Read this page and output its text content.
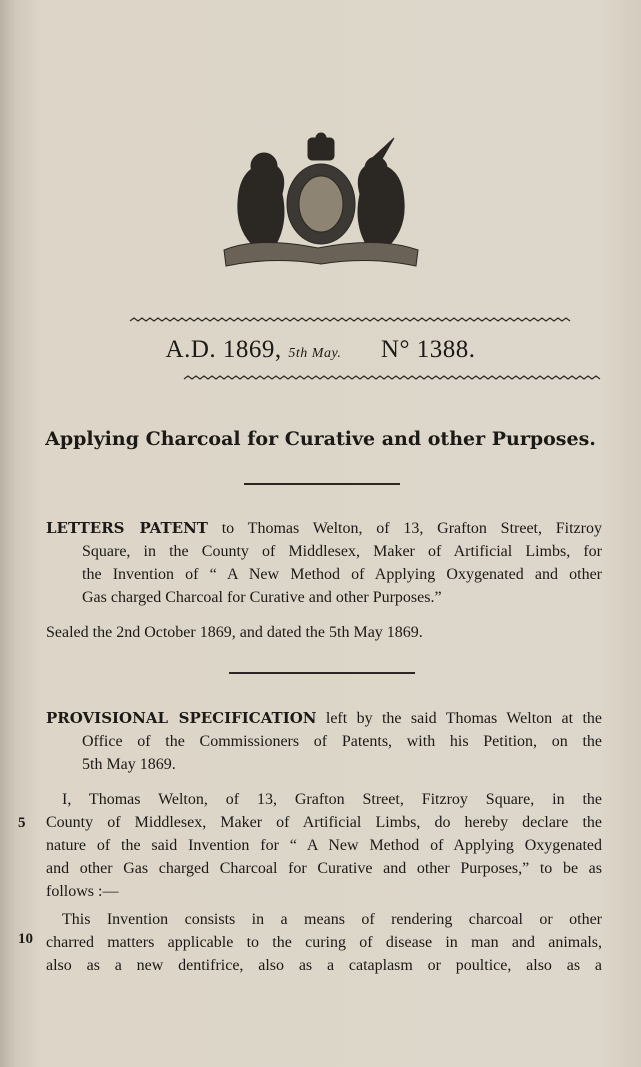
A.D. 1869, 5th May. N° 1388.
Applying Charcoal for Curative and other Purposes.
LETTERS PATENT to Thomas Welton, of 13, Grafton Street, Fitzroy
Square, in the County of Middlesex, Maker of Artificial Limbs, for
the Invention of “ A New Method of Applying Oxygenated and other
Gas charged Charcoal for Curative and other Purposes.”
Sealed the 2nd October 1869, and dated the 5th May 1869.
PROVISIONAL SPECIFICATION left by the said Thomas Welton at the
Office of the Commissioners of Patents, with his Petition, on the
5th May 1869.
I, Thomas Welton, of 13, Grafton Street, Fitzroy Square, in the
County of Middlesex, Maker of Artificial Limbs, do hereby declare the
nature of the said Invention for “ A New Method of Applying Oxygenated
and other Gas charged Charcoal for Curative and other Purposes,” to be as
follows :—
This Invention consists in a means of rendering charcoal or other
charred matters applicable to the curing of disease in man and animals,
also as a new dentifrice, also as a cataplasm or poultice, also as a
5
10
